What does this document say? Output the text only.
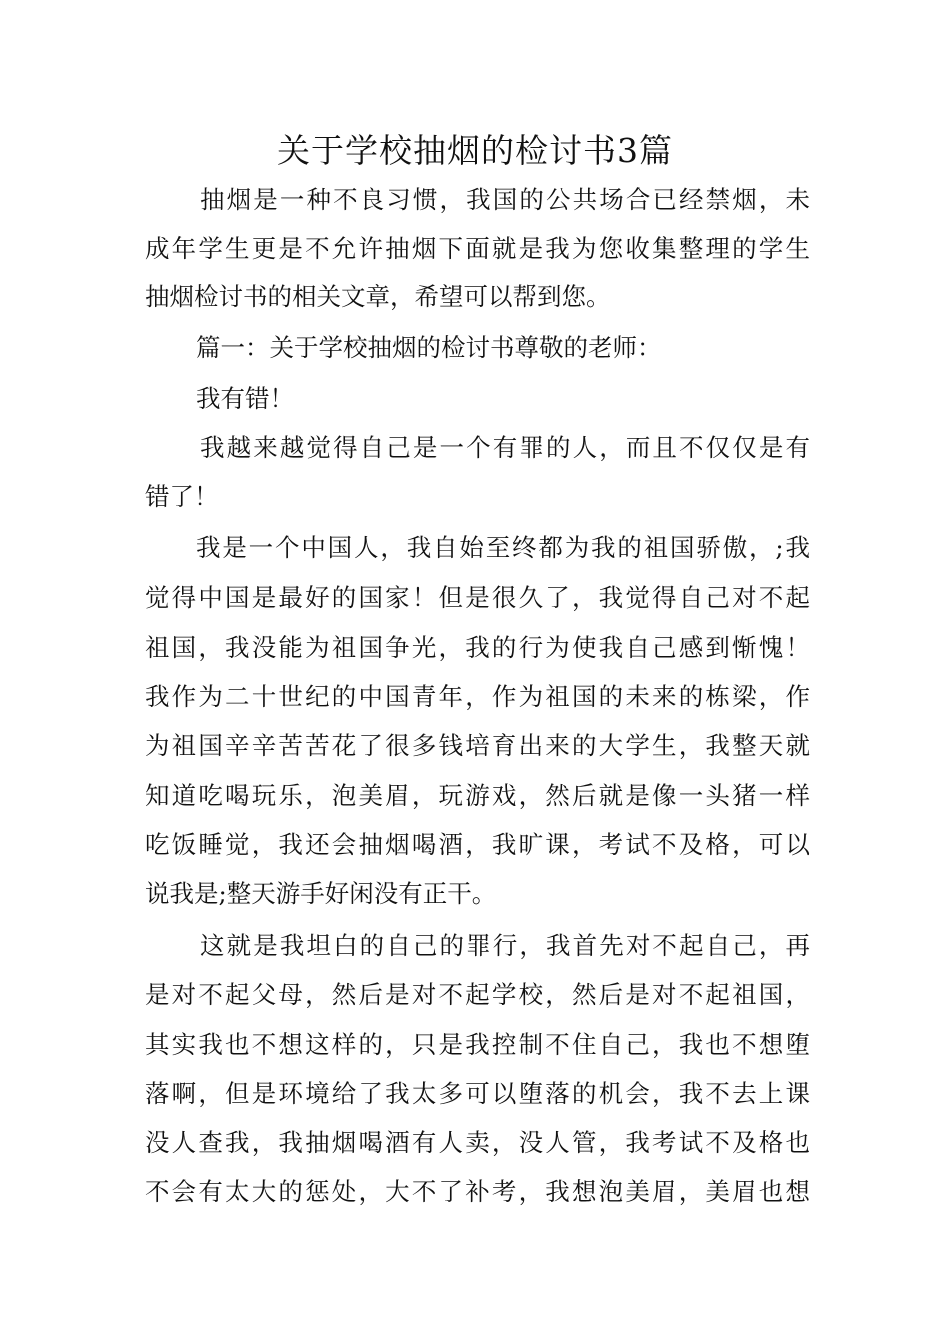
关于学校抽烟的检讨书3篇

抽烟是一种不良习惯，我国的公共场合已经禁烟，未

成年学生更是不允许抽烟下面就是我为您收集整理的学生

抽烟检讨书的相关文章，希望可以帮到您。

篇一：关于学校抽烟的检讨书尊敬的老师：

我有错！

我越来越觉得自己是一个有罪的人，而且不仅仅是有

错了！

我是一个中国人，我自始至终都为我的祖国骄傲，;我

觉得中国是最好的国家！但是很久了，我觉得自己对不起

祖国，我没能为祖国争光，我的行为使我自己感到惭愧！

我作为二十世纪的中国青年，作为祖国的未来的栋梁，作

为祖国辛辛苦苦花了很多钱培育出来的大学生，我整天就

知道吃喝玩乐，泡美眉，玩游戏，然后就是像一头猪一样

吃饭睡觉，我还会抽烟喝酒，我旷课，考试不及格，可以

说我是;整天游手好闲没有正干。

这就是我坦白的自己的罪行，我首先对不起自己，再

是对不起父母，然后是对不起学校，然后是对不起祖国，

其实我也不想这样的，只是我控制不住自己，我也不想堕

落啊，但是环境给了我太多可以堕落的机会，我不去上课

没人查我，我抽烟喝酒有人卖，没人管，我考试不及格也

不会有太大的惩处，大不了补考，我想泡美眉，美眉也想
